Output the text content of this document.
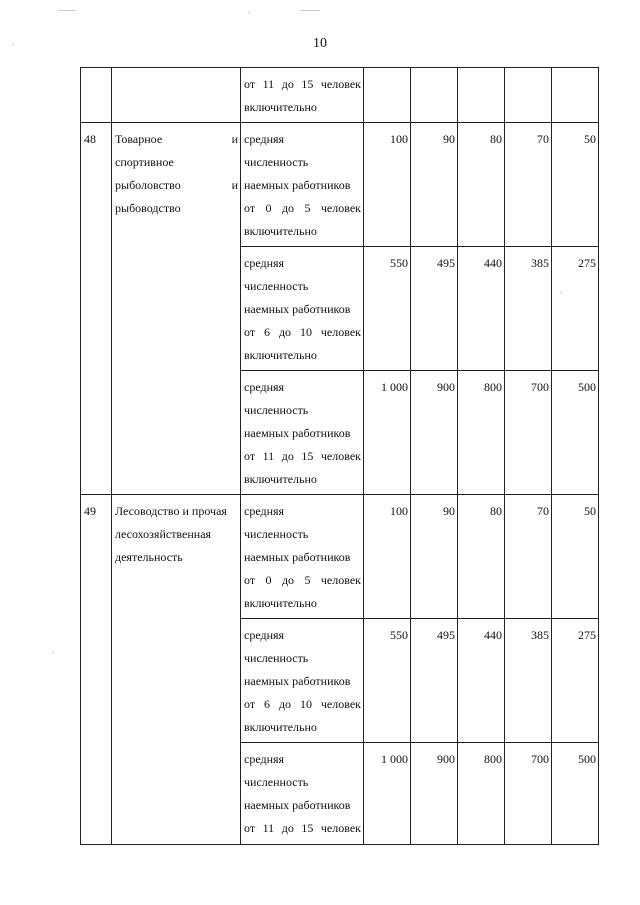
10

		от 11 до 15 человек
включительно					

48	Товарное и
спортивное
рыболовство и
рыбоводство	средняя
численность
наемных работников
от 0 до 5 человек
включительно	100	90	80	70	50

		средняя
численность
наемных работников
от 6 до 10 человек
включительно	550	495	440	385	275

		средняя
численность
наемных работников
от 11 до 15 человек
включительно	1 000	900	800	700	500
49	Лесоводство и прочая
лесохозяйственная
деятельность	средняя
численность
наемных работников
от 0 до 5 человек
включительно	100	90	80	70	50

		средняя
численность
наемных работников
от 6 до 10 человек
включительно	550	495	440	385	275

		средняя
численность
наемных работников
от 11 до 15 человек	1 000	900	800	700	500
